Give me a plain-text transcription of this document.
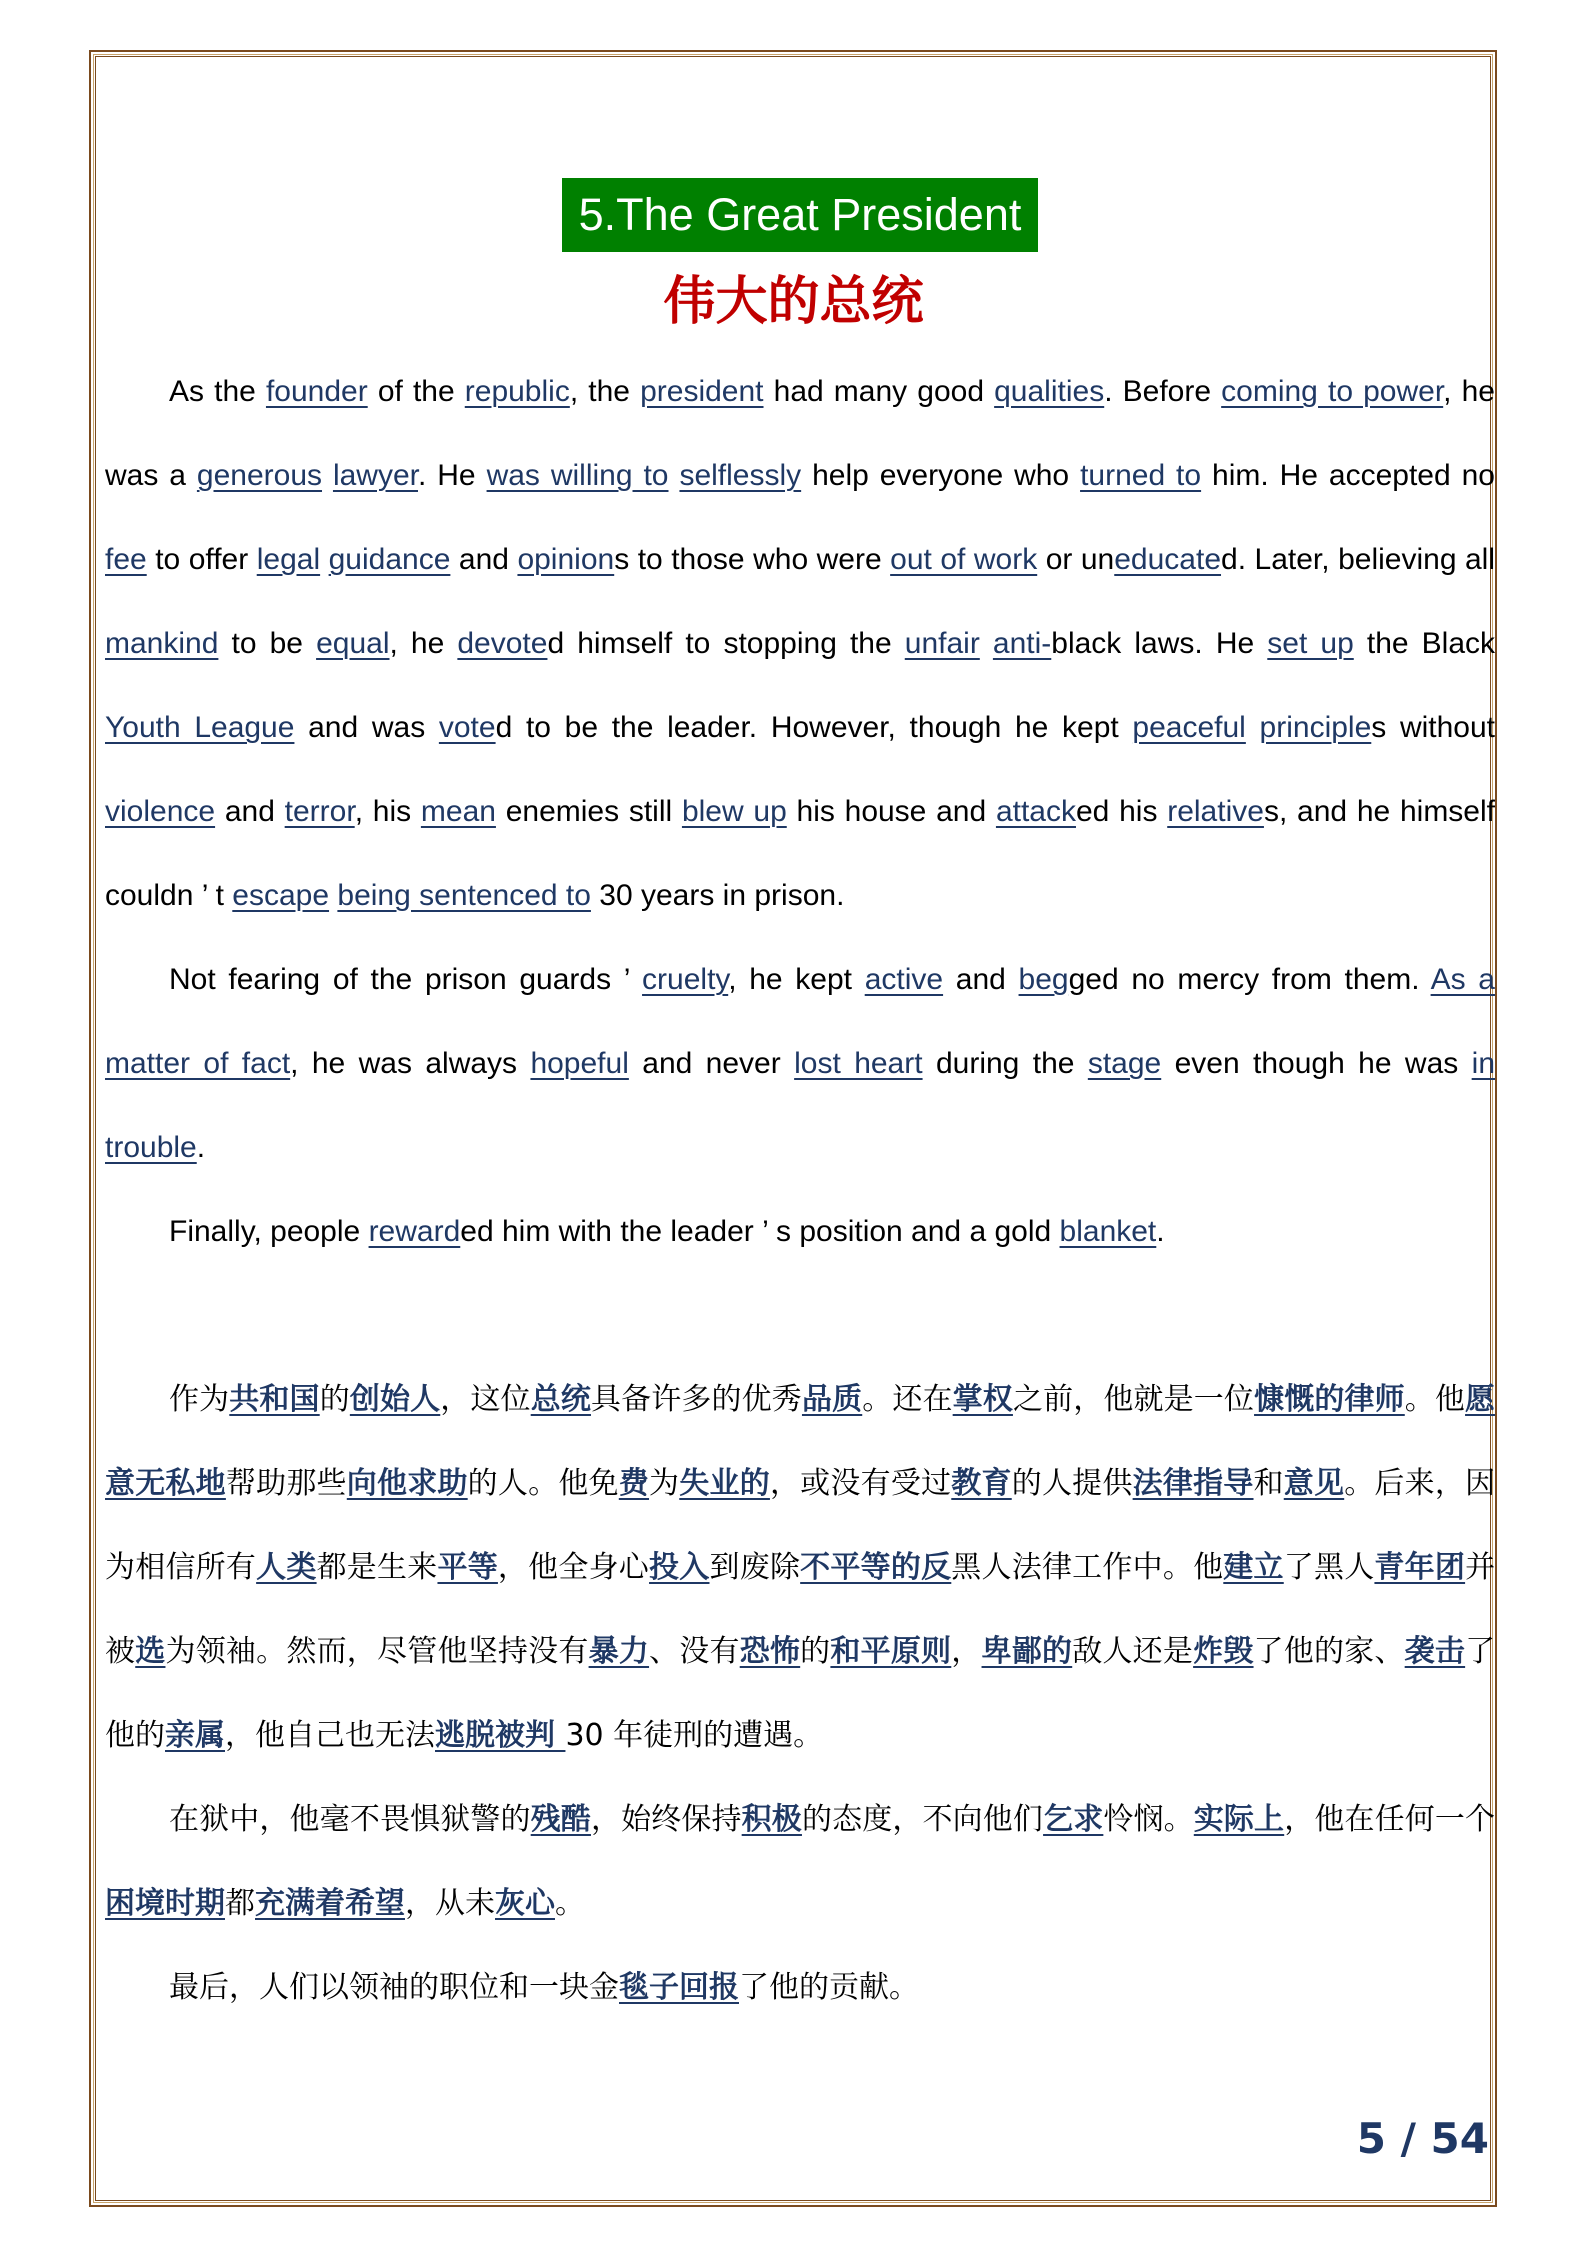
5.The Great President
伟大的总统

As the founder of the republic, the president had many good qualities. Before coming to power, he was a generous lawyer. He was willing to selflessly help everyone who turned to him. He accepted no fee to offer legal guidance and opinions to those who were out of work or uneducated. Later, believing all mankind to be equal, he devoted himself to stopping the unfair anti-black laws. He set up the Black Youth League and was voted to be the leader. However, though he kept peaceful principles without violence and terror, his mean enemies still blew up his house and attacked his relatives, and he himself couldn ’ t escape being sentenced to 30 years in prison.

Not fearing of the prison guards ’ cruelty, he kept active and begged no mercy from them. As a matter of fact, he was always hopeful and never lost heart during the stage even though he was in trouble.

Finally, people rewarded him with the leader ’ s position and a gold blanket.

作为共和国的创始人，这位总统具备许多的优秀品质。还在掌权之前，他就是一位慷慨的律师。他愿意无私地帮助那些向他求助的人。他免费为失业的，或没有受过教育的人提供法律指导和意见。后来，因为相信所有人类都是生来平等，他全身心投入到废除不平等的反黑人法律工作中。他建立了黑人青年团并被选为领袖。然而，尽管他坚持没有暴力、没有恐怖的和平原则，卑鄙的敌人还是炸毁了他的家、袭击了他的亲属，他自己也无法逃脱被判 30 年徒刑的遭遇。

在狱中，他毫不畏惧狱警的残酷，始终保持积极的态度，不向他们乞求怜悯。实际上，他在任何一个困境时期都充满着希望，从未灰心。

最后，人们以领袖的职位和一块金毯子回报了他的贡献。

5 / 54
